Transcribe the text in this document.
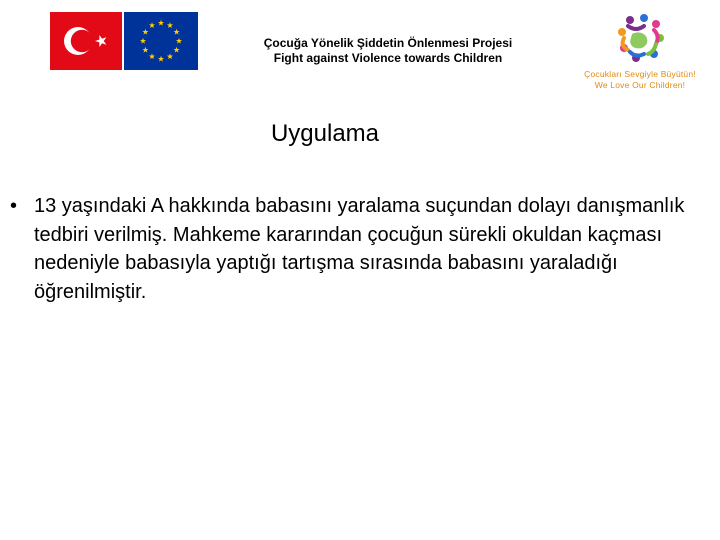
Çocuğa Yönelik Şiddetin Önlenmesi Projesi
Fight against Violence towards Children
Çocukları Sevgiyle Büyütün!
We Love Our Children!
Uygulama
• 13 yaşındaki A hakkında babasını yaralama suçundan dolayı danışmanlık tedbiri verilmiş. Mahkeme kararından çocuğun sürekli okuldan kaçması nedeniyle babasıyla yaptığı tartışma sırasında babasını yaraladığı öğrenilmiştir.
